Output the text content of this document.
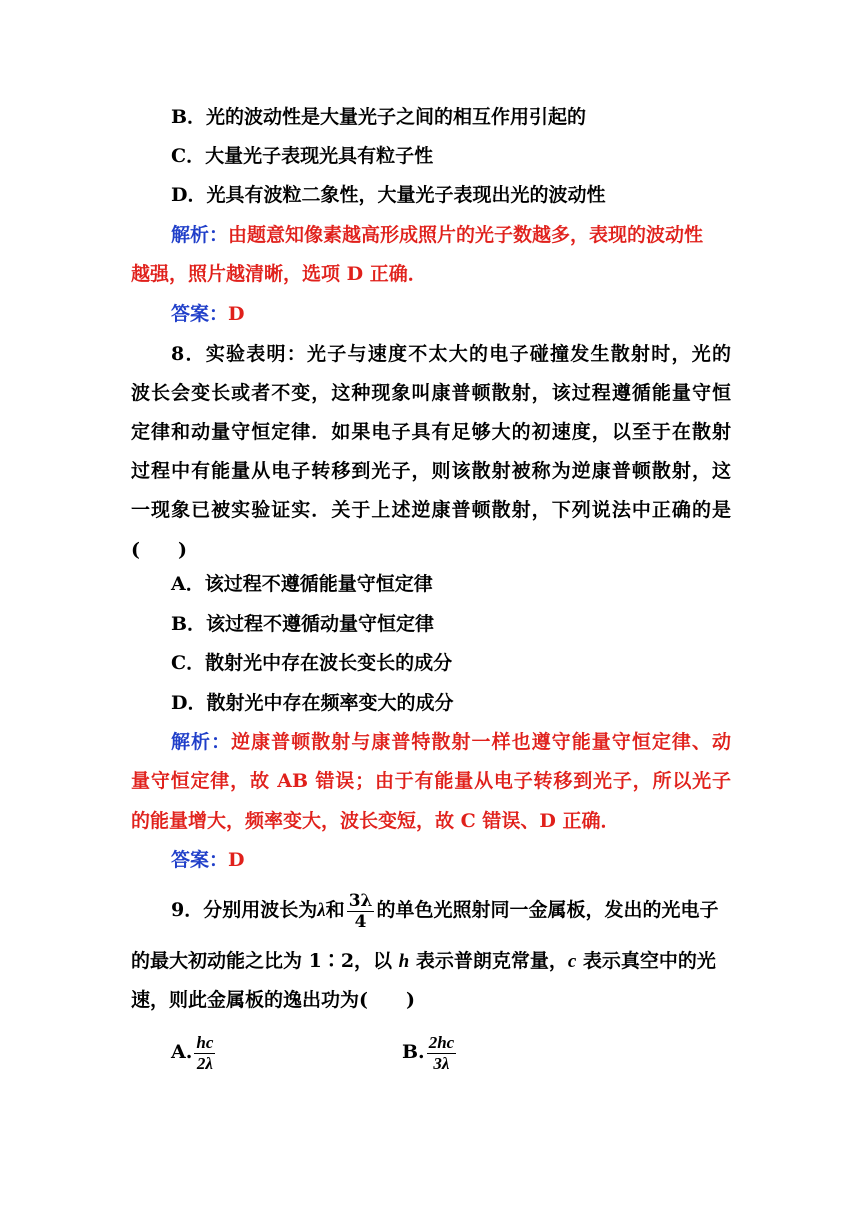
B．光的波动性是大量光子之间的相互作用引起的
C．大量光子表现光具有粒子性
D．光具有波粒二象性，大量光子表现出光的波动性
解析：由题意知像素越高形成照片的光子数越多，表现的波动性
越强，照片越清晰，选项 D 正确．
答案：D
8．实验表明：光子与速度不太大的电子碰撞发生散射时，光的
波长会变长或者不变，这种现象叫康普顿散射，该过程遵循能量守恒
定律和动量守恒定律．如果电子具有足够大的初速度，以至于在散射
过程中有能量从电子转移到光子，则该散射被称为逆康普顿散射，这
一现象已被实验证实．关于上述逆康普顿散射，下列说法中正确的是
(　　)
A．该过程不遵循能量守恒定律
B．该过程不遵循动量守恒定律
C．散射光中存在波长变长的成分
D．散射光中存在频率变大的成分
解析：逆康普顿散射与康普特散射一样也遵守能量守恒定律、动
量守恒定律，故 AB 错误；由于有能量从电子转移到光子，所以光子
的能量增大，频率变大，波长变短，故 C 错误、D 正确．
答案：D
9．分别用波长为λ和 $\frac{3\lambda}{4}$ 的单色光照射同一金属板，发出的光电子
的最大初动能之比为 1∶2，以 h 表示普朗克常量，c 表示真空中的光
速，则此金属板的逸出功为(　　)
A. $\frac{hc}{2\lambda}$	B. $\frac{2hc}{3\lambda}$
